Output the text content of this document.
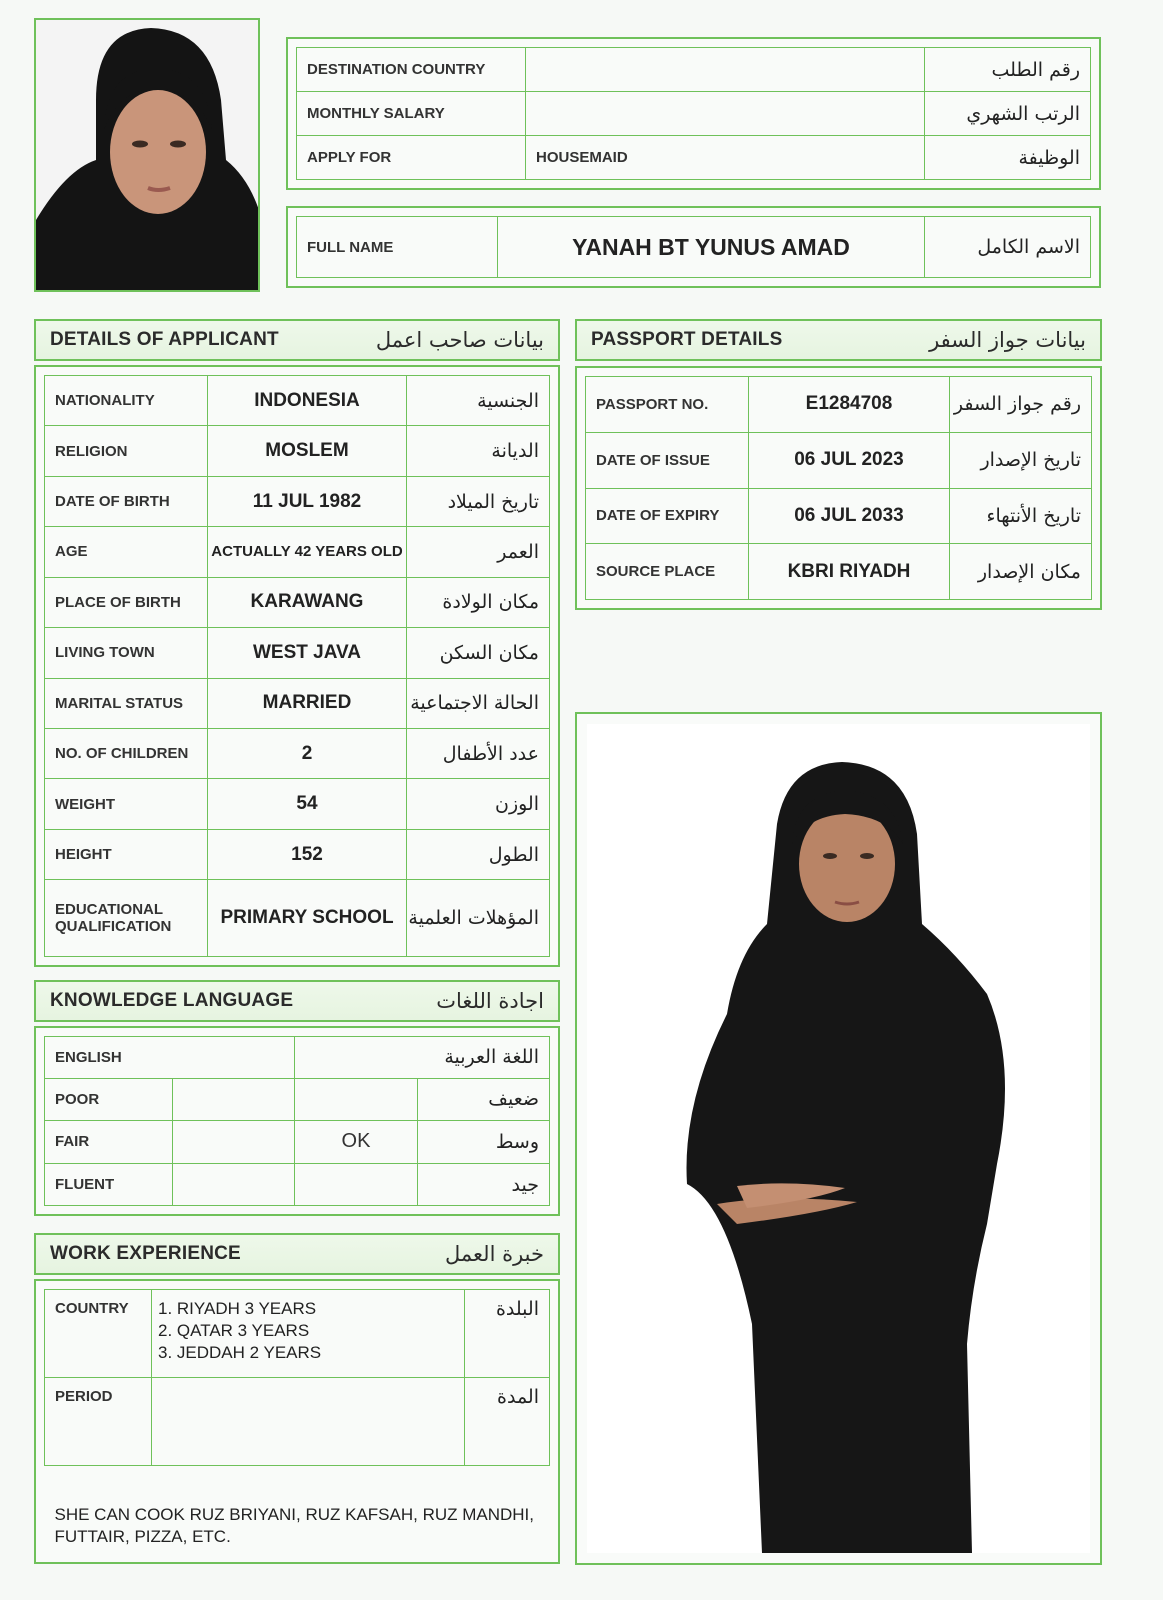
DESTINATION COUNTRY		رقم الطلب
MONTHLY SALARY		الرتب الشهري
APPLY FOR	HOUSEMAID	الوظيفة
FULL NAME	YANAH BT YUNUS AMAD	الاسم الكامل
DETAILS OF APPLICANT	بيانات صاحب اعمل
NATIONALITY	INDONESIA	الجنسية
RELIGION	MOSLEM	الديانة
DATE OF BIRTH	11 JUL 1982	تاريخ الميلاد
AGE	ACTUALLY 42 YEARS OLD	العمر
PLACE OF BIRTH	KARAWANG	مكان الولادة
LIVING TOWN	WEST JAVA	مكان السكن
MARITAL STATUS	MARRIED	الحالة الاجتماعية
NO. OF CHILDREN	2	عدد الأطفال
WEIGHT	54	الوزن
HEIGHT	152	الطول
EDUCATIONAL QUALIFICATION	PRIMARY SCHOOL	المؤهلات العلمية
PASSPORT DETAILS	بيانات جواز السفر
PASSPORT NO.	E1284708	رقم جواز السفر
DATE OF ISSUE	06 JUL 2023	تاريخ الإصدار
DATE OF EXPIRY	06 JUL 2033	تاريخ الأنتهاء
SOURCE PLACE	KBRI RIYADH	مكان الإصدار
KNOWLEDGE LANGUAGE	اجادة اللغات
ENGLISH		اللغة العربية	
POOR			ضعيف
FAIR		OK	وسط
FLUENT			جيد
WORK EXPERIENCE	خبرة العمل
COUNTRY	1. RIYADH 3 YEARS
2. QATAR 3 YEARS
3. JEDDAH 2 YEARS	البلدة
PERIOD		المدة

SHE CAN COOK RUZ BRIYANI, RUZ KAFSAH, RUZ MANDHI, FUTTAIR, PIZZA, ETC.		
